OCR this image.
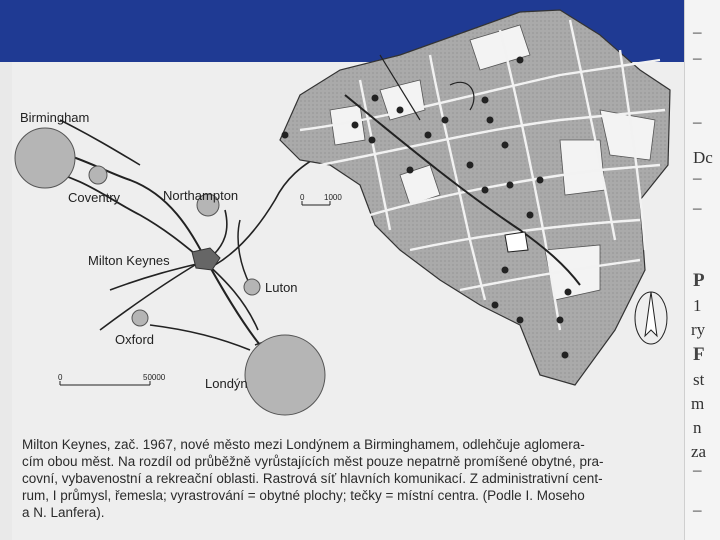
–
–
–
Dc
–
–
P
1
ry
F
st
m
n
za
–
–
Birmingham
Coventry	Northampton
Milton Keynes
Luton
Oxford
Londýn
0	50000
0 1000
Milton Keynes, zač. 1967, nové město mezi Londýnem a Birminghamem, odlehčuje aglomera-
cím obou měst. Na rozdíl od průběžně vyrůstajících měst pouze nepatrně promíšené obytné, pra-
covní, vybavenostní a rekreační oblasti. Rastrová síť hlavních komunikací. Z administrativní cent-
rum, I průmysl, řemesla; vyrastrování = obytné plochy; tečky = místní centra. (Podle I. Moseho
a N. Lanfera).
